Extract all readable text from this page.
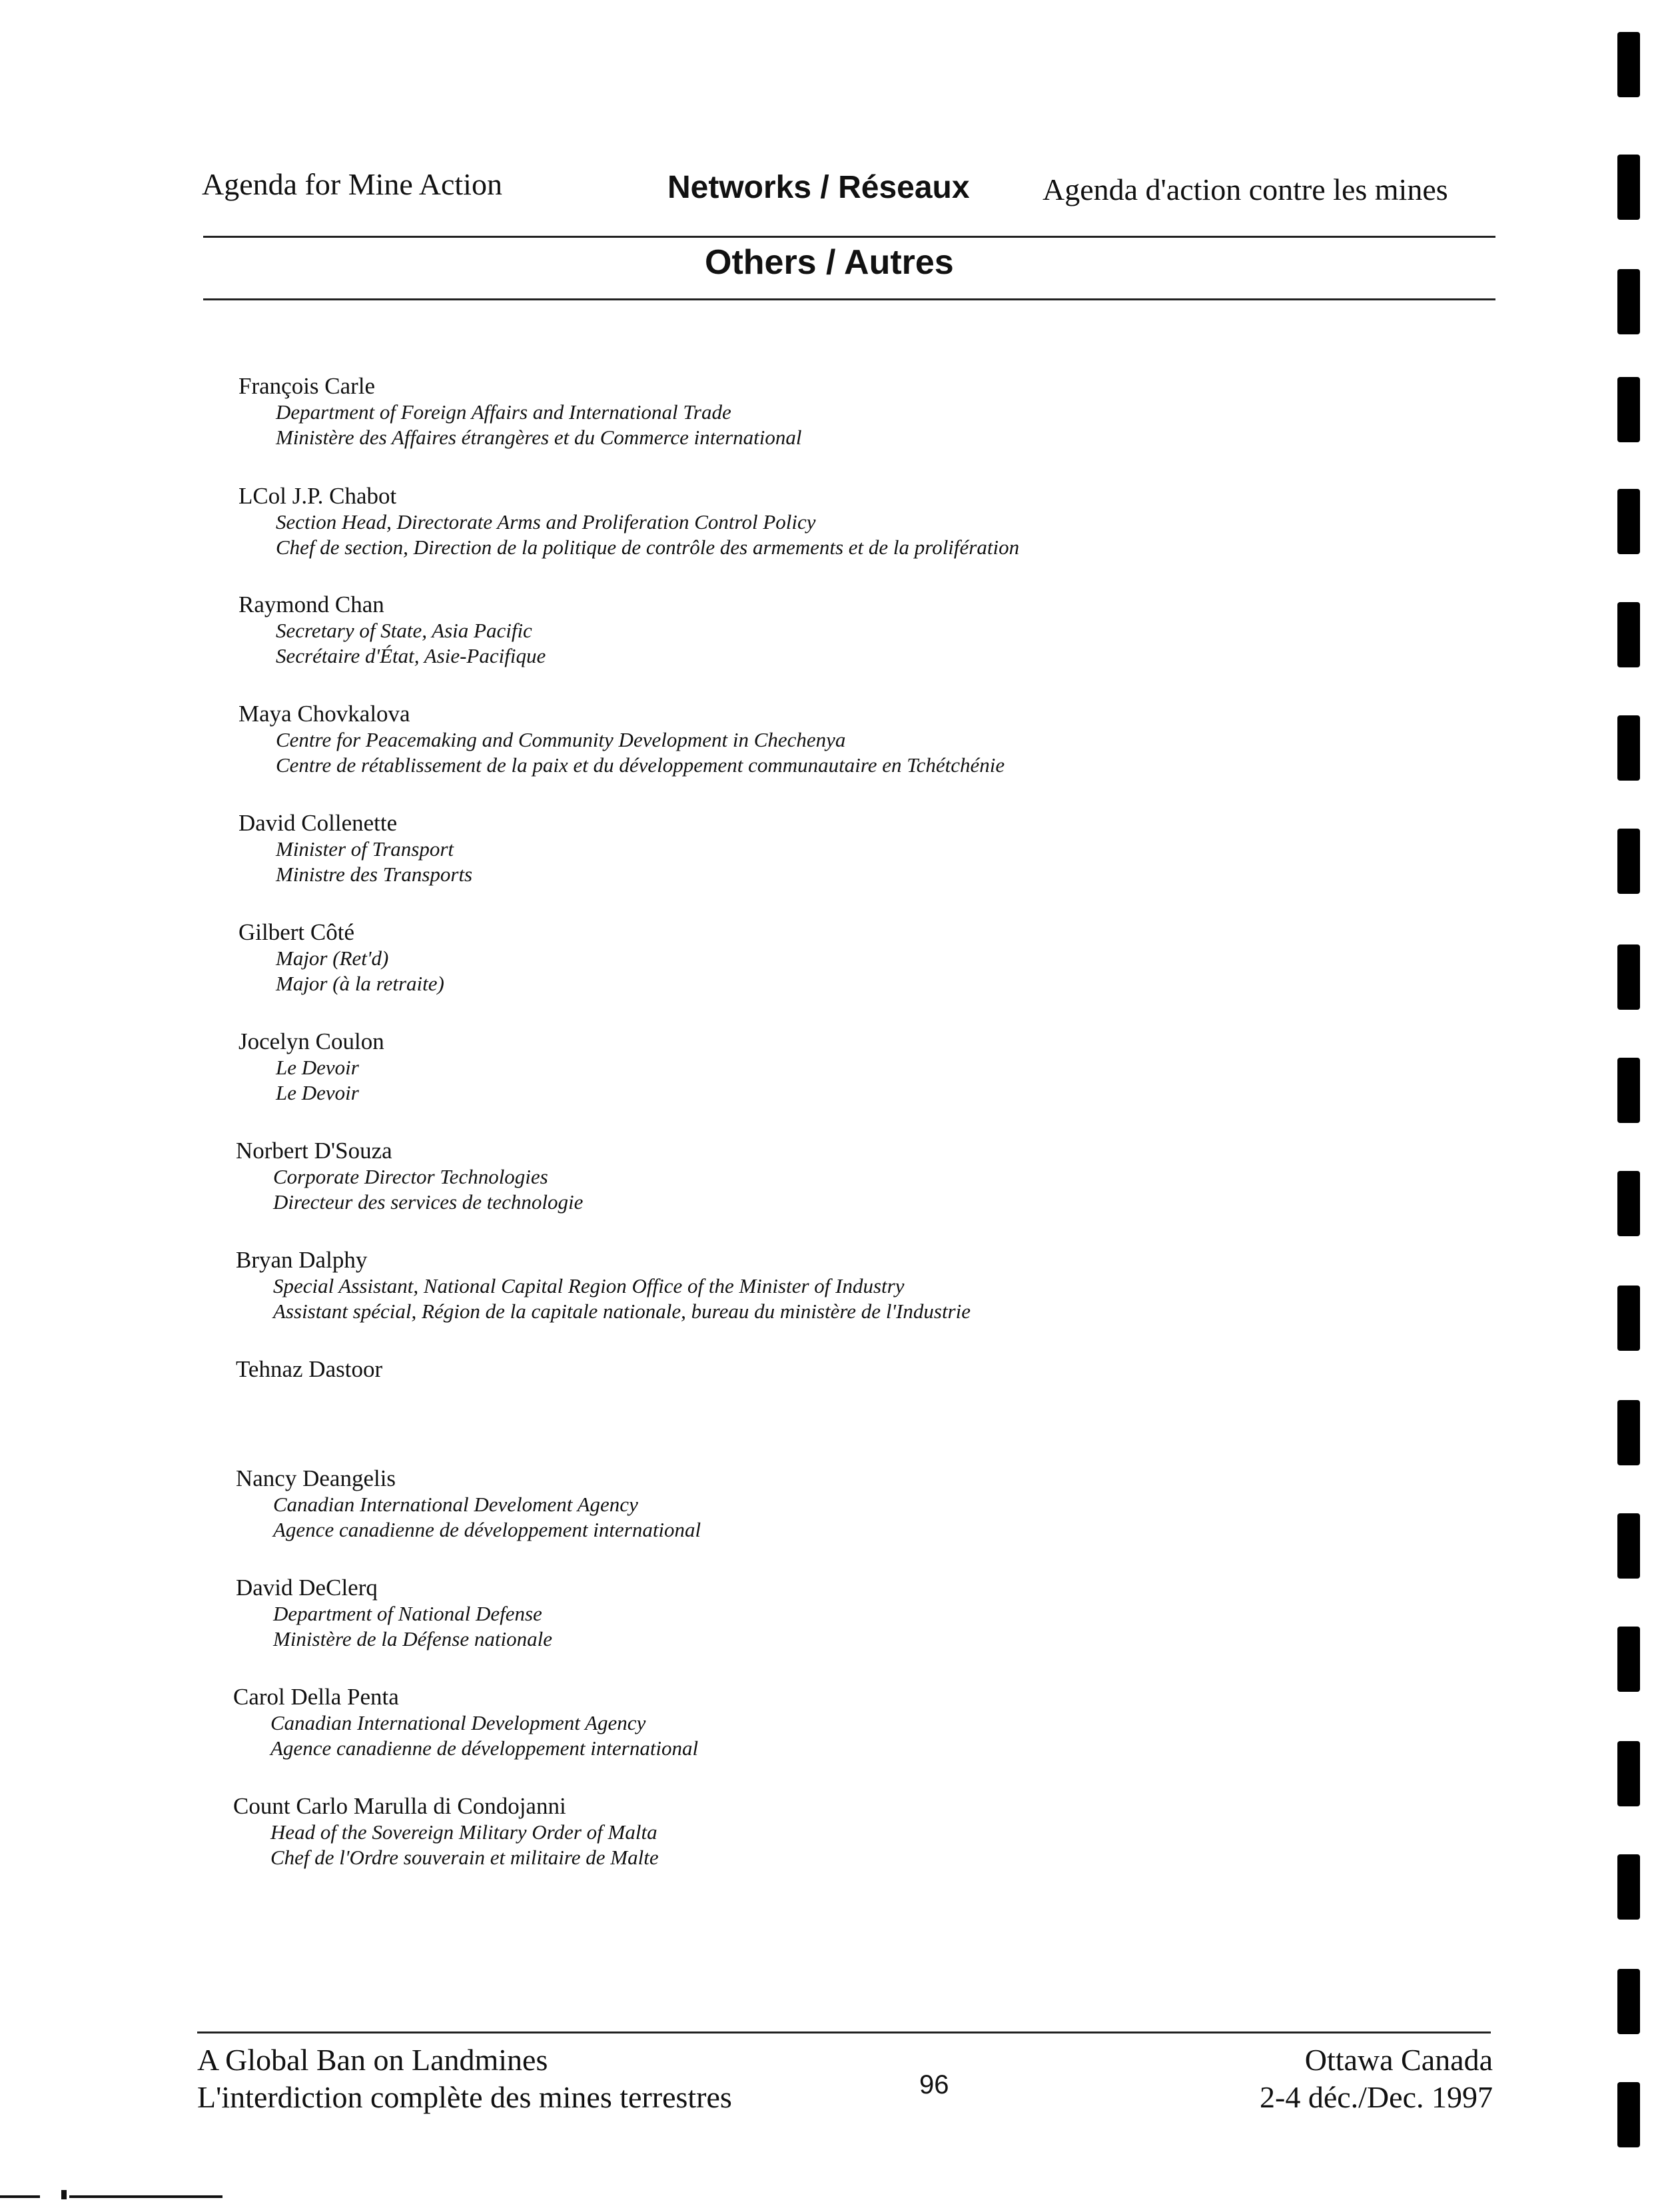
Agenda for Mine Action	Networks / Réseaux Agenda d'action contre les mines
Others / Autres
François Carle
Department of Foreign Affairs and International Trade
Ministère des Affaires étrangères et du Commerce international
LCol J.P. Chabot
Section Head, Directorate Arms and Proliferation Control Policy
Chef de section, Direction de la politique de contrôle des armements et de la prolifération
Raymond Chan
Secretary of State, Asia Pacific
Secrétaire d'État, Asie-Pacifique
Maya Chovkalova
Centre for Peacemaking and Community Development in Chechenya
Centre de rétablissement de la paix et du développement communautaire en Tchétchénie
David Collenette
Minister of Transport
Ministre des Transports
Gilbert Côté
Major (Ret'd)
Major (à la retraite)
Jocelyn Coulon
Le Devoir
Le Devoir
Norbert D'Souza
Corporate Director Technologies
Directeur des services de technologie
Bryan Dalphy
Special Assistant, National Capital Region Office of the Minister of Industry
Assistant spécial, Région de la capitale nationale, bureau du ministère de l'Industrie
Tehnaz Dastoor
Nancy Deangelis
Canadian International Develoment Agency
Agence canadienne de développement international
David DeClerq
Department of National Defense
Ministère de la Défense nationale
Carol Della Penta
Canadian International Development Agency
Agence canadienne de développement international
Count Carlo Marulla di Condojanni
Head of the Sovereign Military Order of Malta
Chef de l'Ordre souverain et militaire de Malte
A Global Ban on Landmines
L'interdiction complète des mines terrestres	96
Ottawa Canada
2-4 déc./Dec. 1997
